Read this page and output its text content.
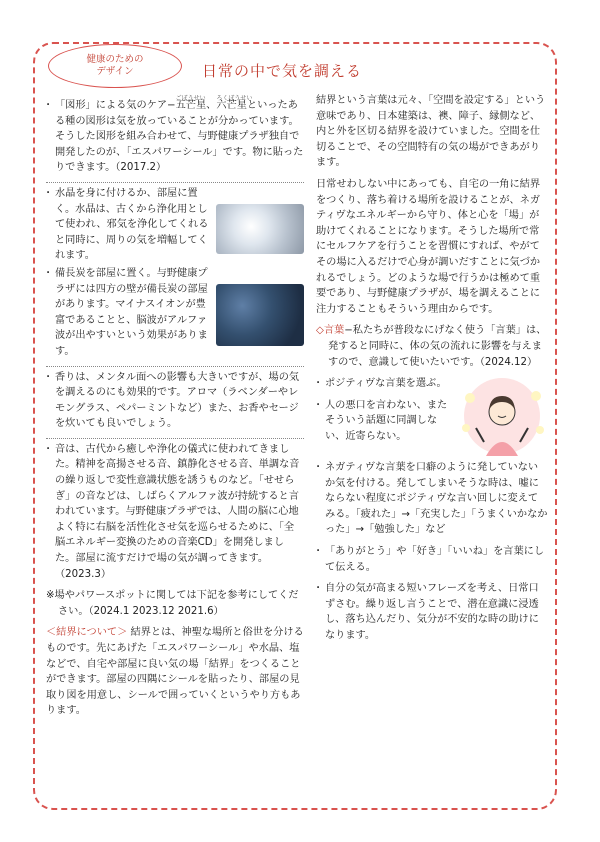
健康のための
デザイン	日常の中で気を調える

・ 「図形」による気のケア−
ごぼうせい
五芒星、
ろくぼうせい
六芒星といったある種の図形は気を放っていることが分かっています。そうした図形を組み合わせて、与野健康プラザ独自で開発したのが、「エスパワーシール」です。物に貼ったりできます。（2017.2）

・ 水晶を身に付けるか、部屋に置く。水晶は、古くから浄化用として使われ、邪気を浄化してくれると同時に、周りの気を増幅してくれます。

・ 備長炭を部屋に置く。与野健康プラザには四方の壁が備長炭の部屋があります。マイナスイオンが豊富であることと、脳波がアルファ波が出やすいという効果があります。

・ 香りは、メンタル面への影響も大きいですが、場の気を調えるのにも効果的です。アロマ（ラベンダーやレモングラス、ペパーミントなど）また、お香やセージを炊いても良いでしょう。

・ 音は、古代から癒しや浄化の儀式に使われてきました。精神を高揚させる音、鎮静化させる音、単調な音の繰り返しで変性意識状態を誘うものなど。「せせらぎ」の音などは、しばらくアルファ波が持続すると言われています。与野健康プラザでは、人間の脳に心地よく特に右脳を活性化させ気を巡らせるために、「全脳エネルギー変換のための音楽CD」を開発しました。部屋に流すだけで場の気が調ってきます。（2023.3）

※場やパワースポットに関しては下記を参考にしてください。（2024.1 2023.12 2021.6）

＜結界について＞ 結界とは、神聖な場所と俗世を分けるものです。先にあげた「エスパワーシール」や水晶、塩などで、自宅や部屋に良い気の場「結界」をつくることができます。部屋の四隅にシールを貼ったり、部屋の見取り図を用意し、シールで囲っていくというやり方もあります。

結界という言葉は元々、「空間を設定する」という意味であり、日本建築は、襖、障子、縁側など、内と外を区切る結界を設けていました。空間を仕切ることで、その空間特有の気の場ができあがります。

日常せわしない中にあっても、自宅の一角に結界をつくり、落ち着ける場所を設けることが、ネガティヴなエネルギーから守り、体と心を「場」が助けてくれることになります。そうした場所で常にセルフケアを行うことを習慣にすれば、やがてその場に入るだけで心身が調いだすことに気づかれるでしょう。どのような場で行うかは極めて重要であり、与野健康プラザが、場を調えることに注力することもそういう理由からです。

◇言葉−私たちが普段なにげなく使う「言葉」は、発すると同時に、体の気の流れに影響を与えますので、意識して使いたいです。（2024.12）

・ ポジティヴな言葉を選ぶ。

・ 人の悪口を言わない、またそういう話題に同調しない、近寄らない。

・ ネガティヴな言葉を口癖のように発していないか気を付ける。発してしまいそうな時は、嘘にならない程度にポジティヴな言い回しに変えてみる。「疲れた」→「充実した」「うまくいかなかった」→「勉強した」など

・ 「ありがとう」や「好き」「いいね」を言葉にして伝える。

・ 自分の気が高まる短いフレーズを考え、日常口ずさむ。繰り返し言うことで、潜在意識に浸透し、落ち込んだり、気分が不安的な時の助けになります。
